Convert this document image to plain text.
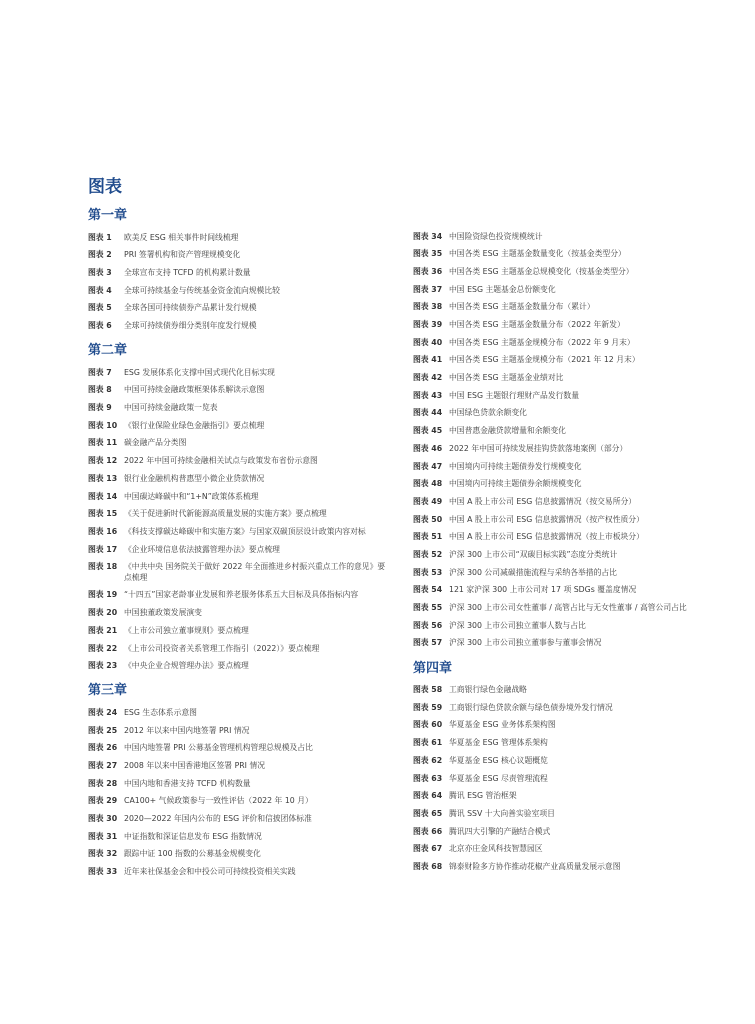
图表
第一章
图表 1	欧美反 ESG 相关事件时间线梳理
图表 2	PRI 签署机构和资产管理规模变化
图表 3	全球宣布支持 TCFD 的机构累计数量
图表 4	全球可持续基金与传统基金资金流向规模比较
图表 5	全球各国可持续债券产品累计发行规模
图表 6	全球可持续债券细分类别年度发行规模
第二章
图表 7	ESG 发展体系化支撑中国式现代化目标实现
图表 8	中国可持续金融政策框架体系解读示意图
图表 9	中国可持续金融政策一览表
图表 10 《银行业保险业绿色金融指引》要点梳理
图表 11 碳金融产品分类图
图表 12 2022 年中国可持续金融相关试点与政策发布省份示意图
图表 13 银行业金融机构普惠型小微企业贷款情况
图表 14 中国碳达峰碳中和“1+N”政策体系梳理
图表 15 《关于促进新时代新能源高质量发展的实施方案》要点梳理
图表 16 《科技支撑碳达峰碳中和实施方案》与国家双碳顶层设计政策内容对标
图表 17 《企业环境信息依法披露管理办法》要点梳理
图表 18 《中共中央 国务院关于做好 2022 年全面推进乡村振兴重点工作的意见》要点梳理
图表 19 “十四五”国家老龄事业发展和养老服务体系五大目标及具体指标内容
图表 20 中国独董政策发展演变
图表 21 《上市公司独立董事规则》要点梳理
图表 22 《上市公司投资者关系管理工作指引（2022）》要点梳理
图表 23 《中央企业合规管理办法》要点梳理
第三章
图表 24 ESG 生态体系示意图
图表 25 2012 年以来中国内地签署 PRI 情况
图表 26 中国内地签署 PRI 公募基金管理机构管理总规模及占比
图表 27 2008 年以来中国香港地区签署 PRI 情况
图表 28 中国内地和香港支持 TCFD 机构数量
图表 29 CA100+ 气候政策参与一致性评估（2022 年 10 月）
图表 30 2020—2022 年国内公布的 ESG 评价和信披团体标准
图表 31 中证指数和深证信息发布 ESG 指数情况
图表 32 跟踪中证 100 指数的公募基金规模变化
图表 33 近年来社保基金会和中投公司可持续投资相关实践
图表 34 中国险资绿色投资规模统计
图表 35 中国各类 ESG 主题基金数量变化（按基金类型分）
图表 36 中国各类 ESG 主题基金总规模变化（按基金类型分）
图表 37 中国 ESG 主题基金总份额变化
图表 38 中国各类 ESG 主题基金数量分布（累计）
图表 39 中国各类 ESG 主题基金数量分布（2022 年新发）
图表 40 中国各类 ESG 主题基金规模分布（2022 年 9 月末）
图表 41 中国各类 ESG 主题基金规模分布（2021 年 12 月末）
图表 42 中国各类 ESG 主题基金业绩对比
图表 43 中国 ESG 主题银行理财产品发行数量
图表 44 中国绿色贷款余额变化
图表 45 中国普惠金融贷款增量和余额变化
图表 46 2022 年中国可持续发展挂钩贷款落地案例（部分）
图表 47 中国境内可持续主题债券发行规模变化
图表 48 中国境内可持续主题债券余额规模变化
图表 49 中国 A 股上市公司 ESG 信息披露情况（按交易所分）
图表 50 中国 A 股上市公司 ESG 信息披露情况（按产权性质分）
图表 51 中国 A 股上市公司 ESG 信息披露情况（按上市板块分）
图表 52 沪深 300 上市公司“双碳目标实践”态度分类统计
图表 53 沪深 300 公司减碳措施流程与采纳各举措的占比
图表 54 121 家沪深 300 上市公司对 17 项 SDGs 覆盖度情况
图表 55 沪深 300 上市公司女性董事 / 高管占比与无女性董事 / 高管公司占比
图表 56 沪深 300 上市公司独立董事人数与占比
图表 57 沪深 300 上市公司独立董事参与董事会情况
第四章
图表 58 工商银行绿色金融战略
图表 59 工商银行绿色贷款余额与绿色债券境外发行情况
图表 60 华夏基金 ESG 业务体系架构图
图表 61 华夏基金 ESG 管理体系架构
图表 62 华夏基金 ESG 核心议题概览
图表 63 华夏基金 ESG 尽责管理流程
图表 64 腾讯 ESG 管治框架
图表 65 腾讯 SSV 十大向善实验室项目
图表 66 腾讯四大引擎的产融结合模式
图表 67 北京亦庄金风科技智慧园区
图表 68 锦泰财险多方协作推动花椒产业高质量发展示意图
